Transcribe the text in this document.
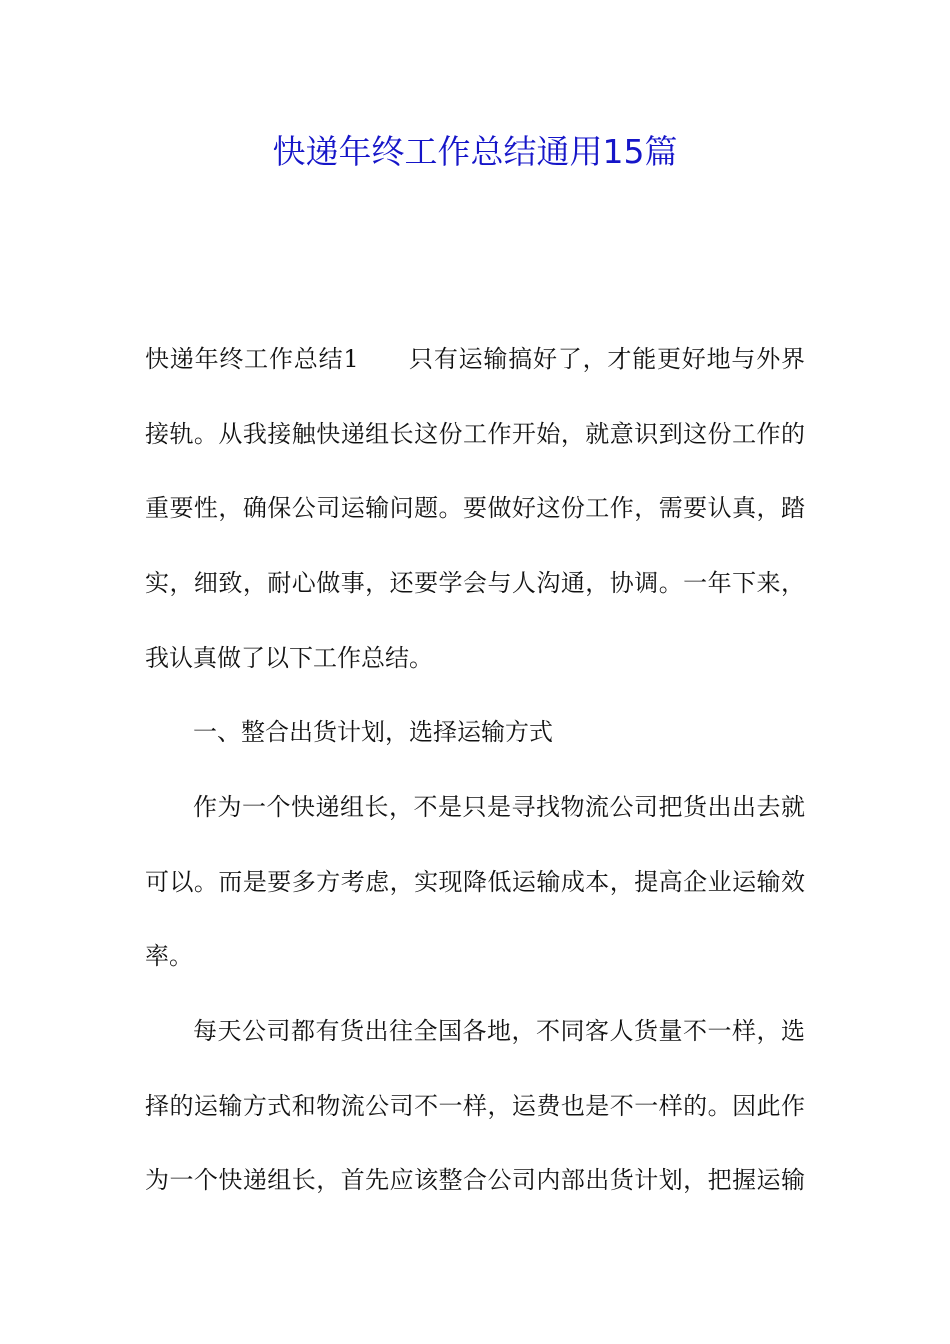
快递年终工作总结通用15篇

快递年终工作总结1　　只有运输搞好了，才能更好地与外界

接轨。从我接触快递组长这份工作开始，就意识到这份工作的

重要性，确保公司运输问题。要做好这份工作，需要认真，踏

实，细致，耐心做事，还要学会与人沟通，协调。一年下来，

我认真做了以下工作总结。

一、整合出货计划，选择运输方式

作为一个快递组长，不是只是寻找物流公司把货出出去就

可以。而是要多方考虑，实现降低运输成本，提高企业运输效

率。

每天公司都有货出往全国各地，不同客人货量不一样，选

择的运输方式和物流公司不一样，运费也是不一样的。因此作

为一个快递组长，首先应该整合公司内部出货计划，把握运输
